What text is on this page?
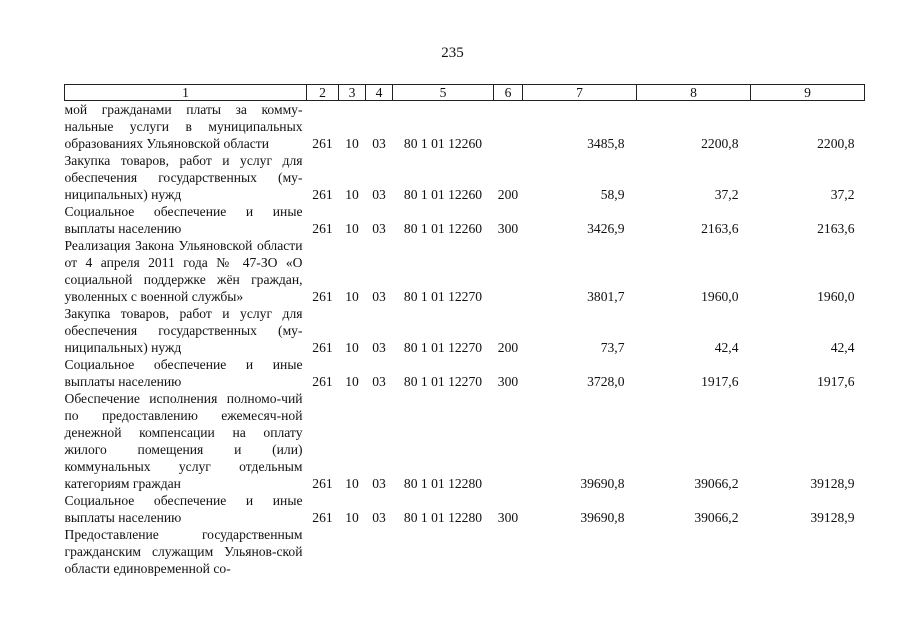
235
1	2	3	4	5	6	7	8	9
мой гражданами платы за комму-нальные услуги в муниципальных образованиях Ульяновской области	261	10	03	80 1 01 12260		3485,8	2200,8	2200,8
Закупка товаров, работ и услуг для обеспечения государственных (му-ниципальных) нужд	261	10	03	80 1 01 12260	200	58,9	37,2	37,2
Социальное обеспечение и иные выплаты населению	261	10	03	80 1 01 12260	300	3426,9	2163,6	2163,6
Реализация Закона Ульяновской области от 4 апреля 2011 года № 47-ЗО «О социальной поддержке жён граждан, уволенных с военной службы»	261	10	03	80 1 01 12270		3801,7	1960,0	1960,0
Закупка товаров, работ и услуг для обеспечения государственных (му-ниципальных) нужд	261	10	03	80 1 01 12270	200	73,7	42,4	42,4
Социальное обеспечение и иные выплаты населению	261	10	03	80 1 01 12270	300	3728,0	1917,6	1917,6
Обеспечение исполнения полномо-чий по предоставлению ежемесяч-ной денежной компенсации на оплату жилого помещения и (или) коммунальных услуг отдельным категориям граждан	261	10	03	80 1 01 12280		39690,8	39066,2	39128,9
Социальное обеспечение и иные выплаты населению	261	10	03	80 1 01 12280	300	39690,8	39066,2	39128,9
Предоставление государственным гражданским служащим Ульянов-ской области единовременной со-								
